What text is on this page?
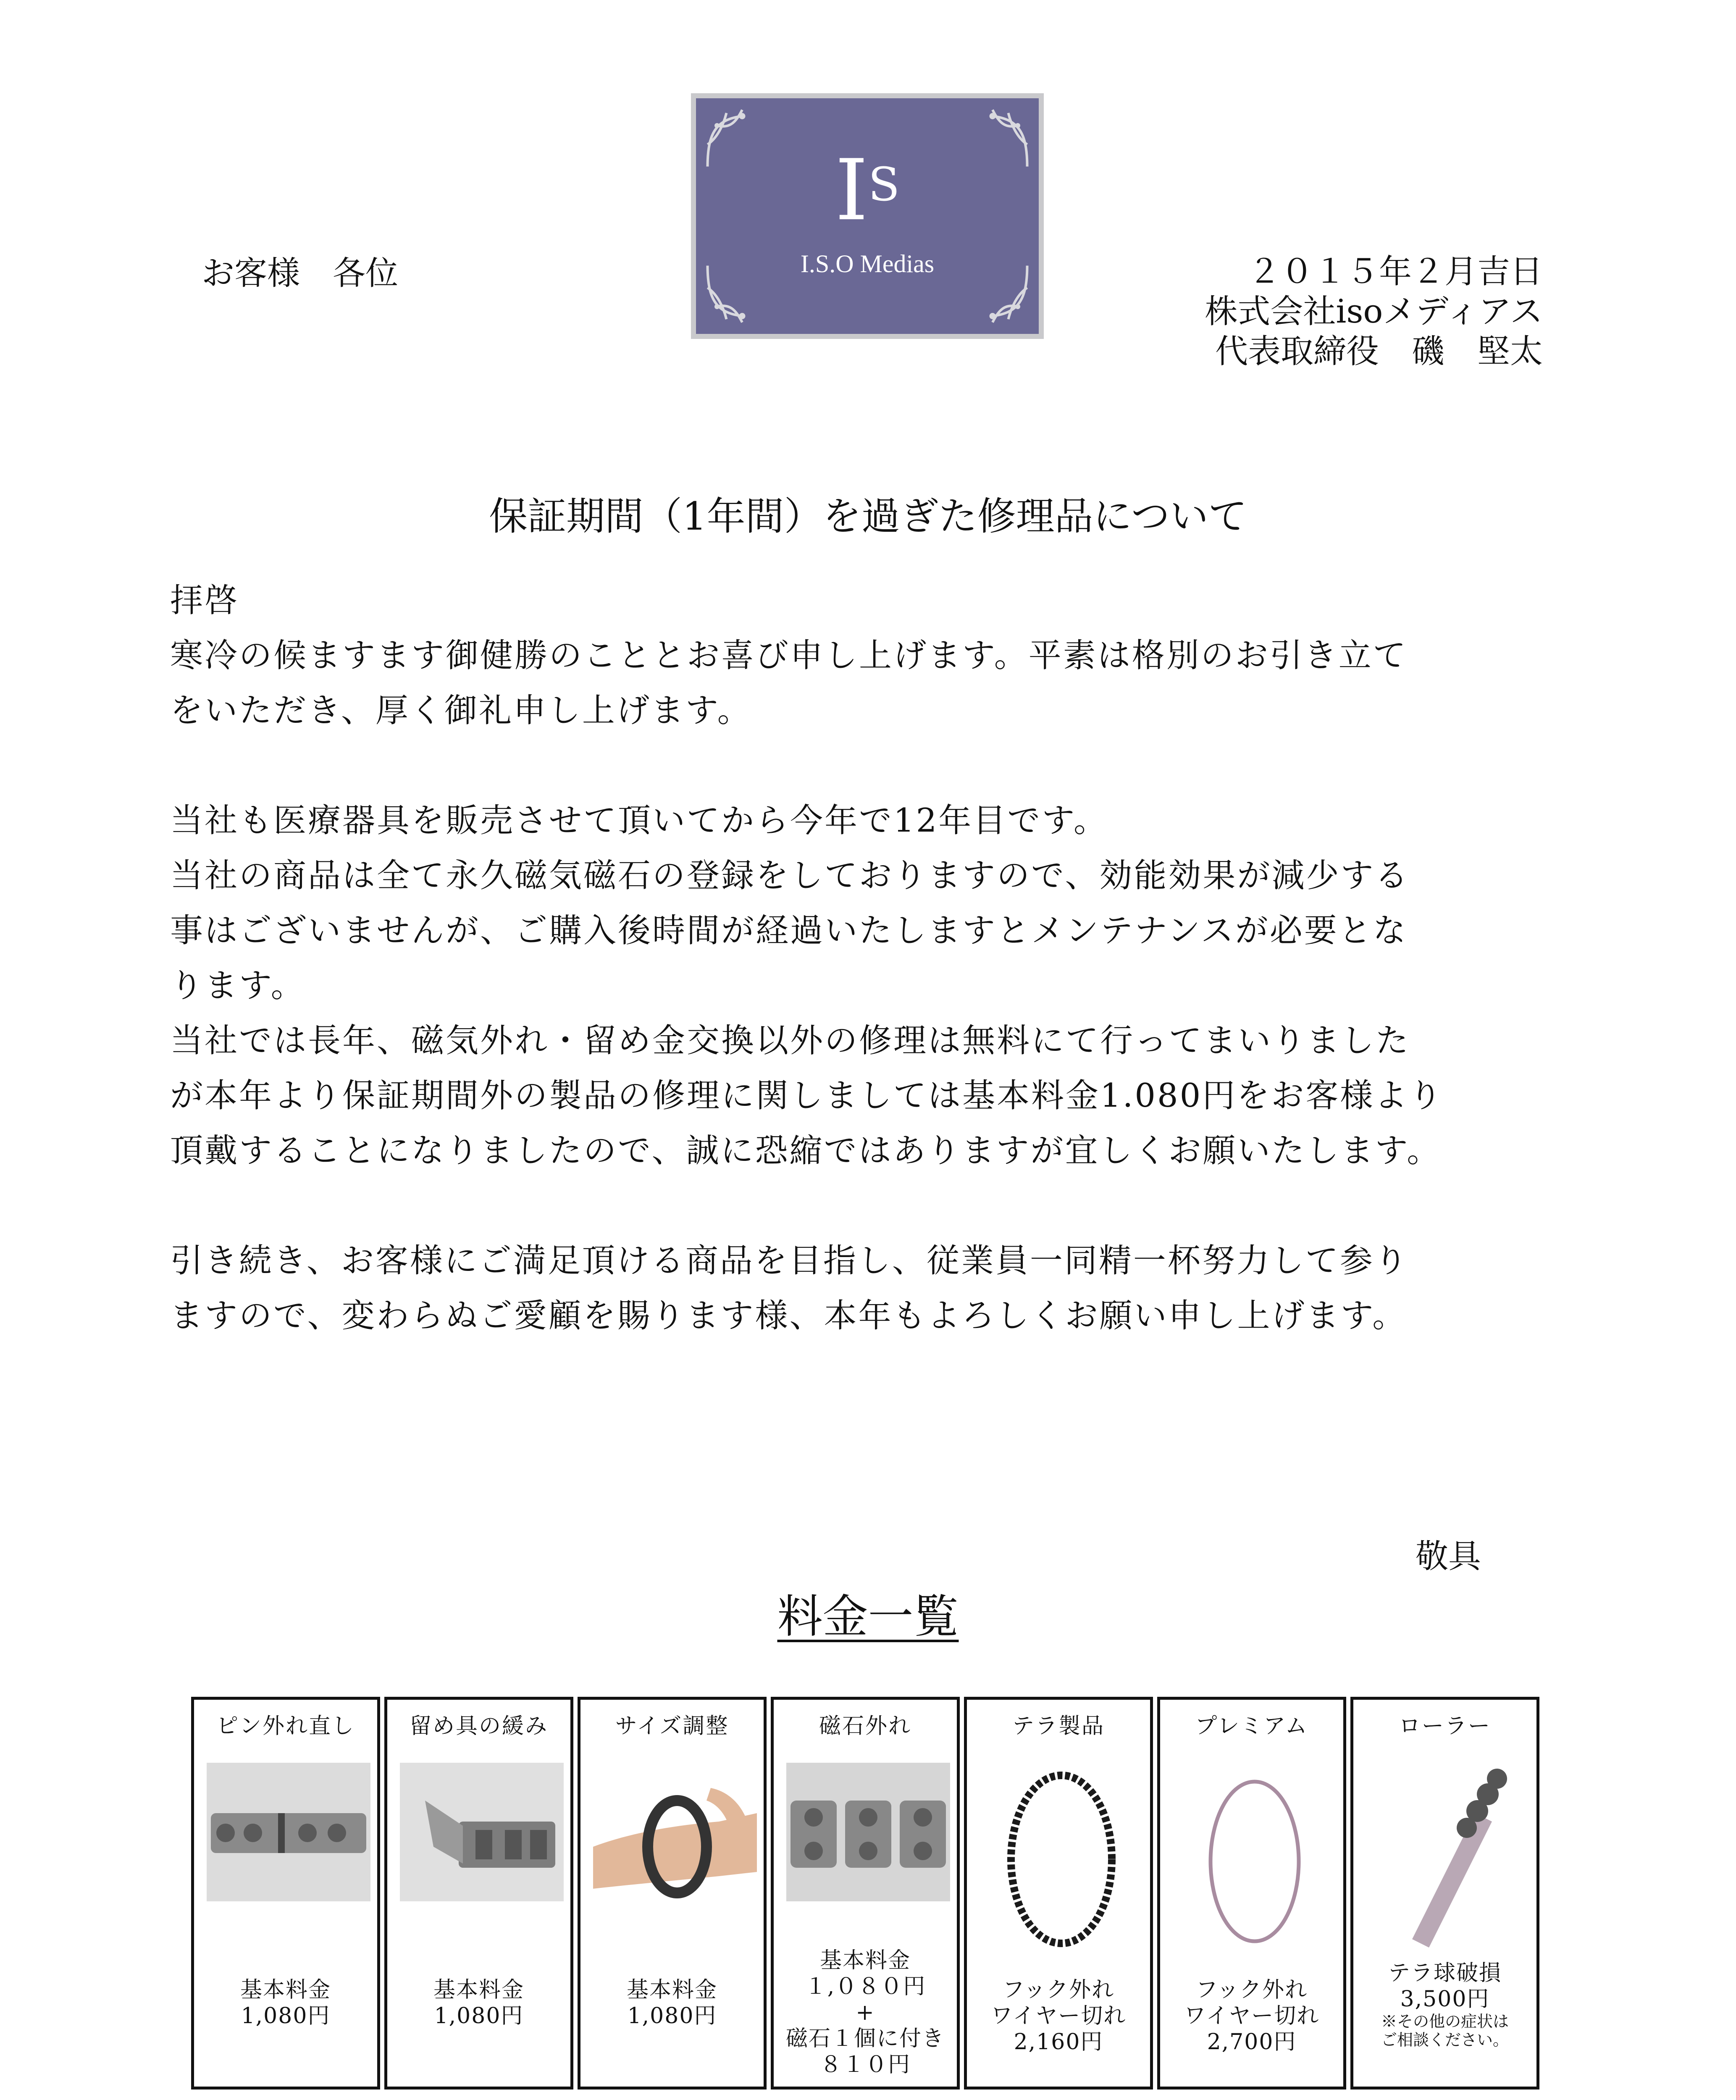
$I^S$
I.S.O Medias
お客様　各位	２０１５年２月吉日
株式会社isoメディアス
代表取締役　磯　堅太
保証期間（1年間）を過ぎた修理品について
拝啓
寒冷の候ますます御健勝のこととお喜び申し上げます。平素は格別のお引き立て
をいただき、厚く御礼申し上げます。
当社も医療器具を販売させて頂いてから今年で12年目です。
当社の商品は全て永久磁気磁石の登録をしておりますので、効能効果が減少する
事はございませんが、ご購入後時間が経過いたしますとメンテナンスが必要とな
ります。
当社では長年、磁気外れ・留め金交換以外の修理は無料にて行ってまいりました
が本年より保証期間外の製品の修理に関しましては基本料金1.080円をお客様より
頂戴することになりましたので、誠に恐縮ではありますが宜しくお願いたします。
引き続き、お客様にご満足頂ける商品を目指し、従業員一同精一杯努力して参り
ますので、変わらぬご愛顧を賜ります様、本年もよろしくお願い申し上げます。
敬具
料金一覧
ピン外れ直し
基本料金
1,080円
留め具の緩み
基本料金
1,080円
サイズ調整
基本料金
1,080円
磁石外れ
基本料金
１,０８０円
+
磁石１個に付き
８１０円
テラ製品
フック外れ
ワイヤー切れ
2,160円
プレミアム
フック外れ
ワイヤー切れ
2,700円
ローラー
テラ球破損
3,500円
※その他の症状は
ご相談ください。
